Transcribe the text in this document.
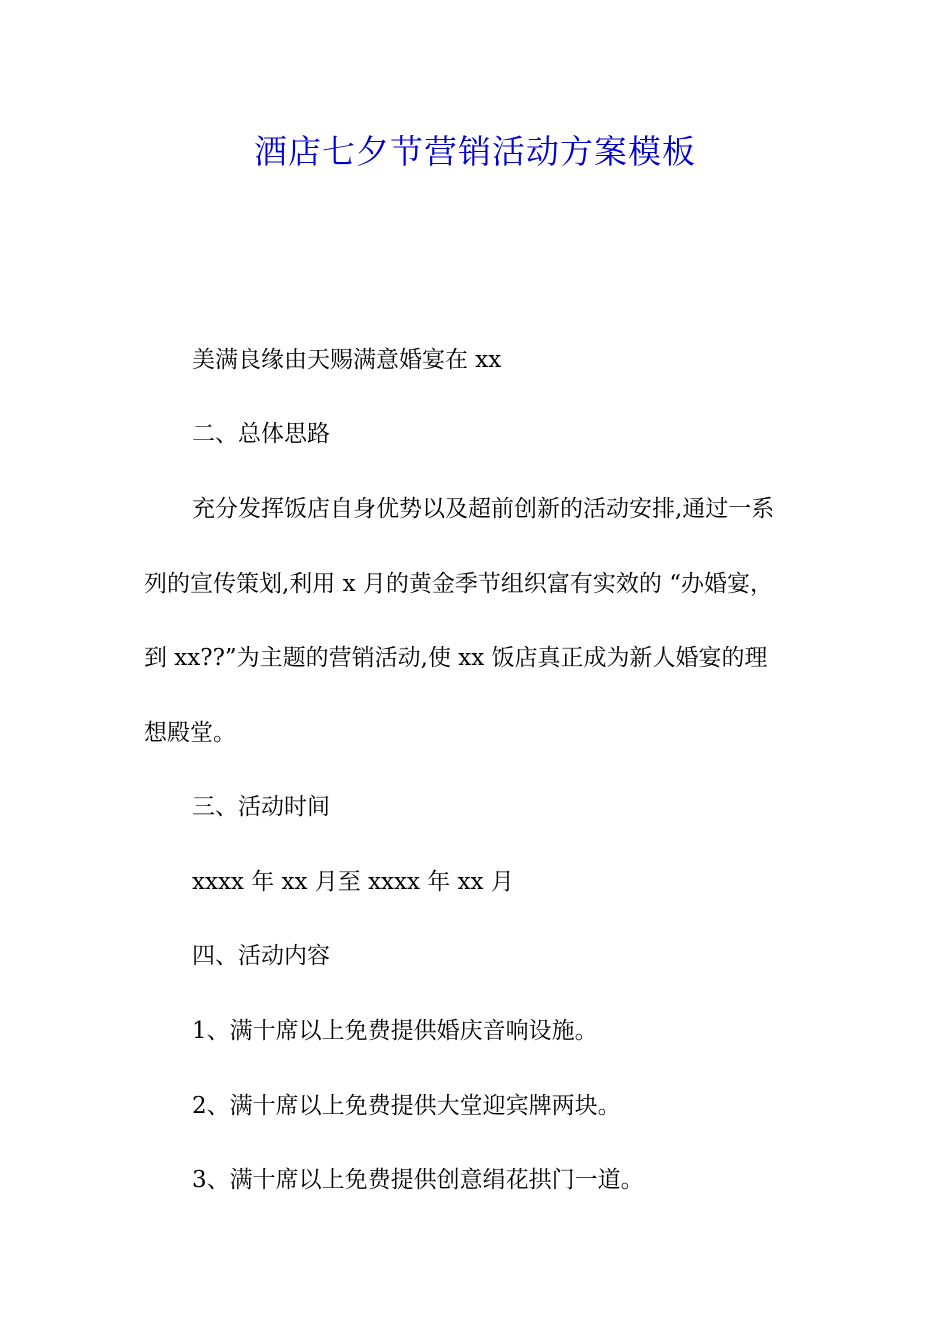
酒店七夕节营销活动方案模板

美满良缘由天赐满意婚宴在 xx

二、总体思路

充分发挥饭店自身优势以及超前创新的活动安排,通过一系

列的宣传策划,利用 x 月的黄金季节组织富有实效的 “办婚宴，

到 xx??”为主题的营销活动,使 xx 饭店真正成为新人婚宴的理

想殿堂。

三、活动时间

xxxx 年 xx 月至 xxxx 年 xx 月

四、活动内容

1、满十席以上免费提供婚庆音响设施。

2、满十席以上免费提供大堂迎宾牌两块。

3、满十席以上免费提供创意绢花拱门一道。
